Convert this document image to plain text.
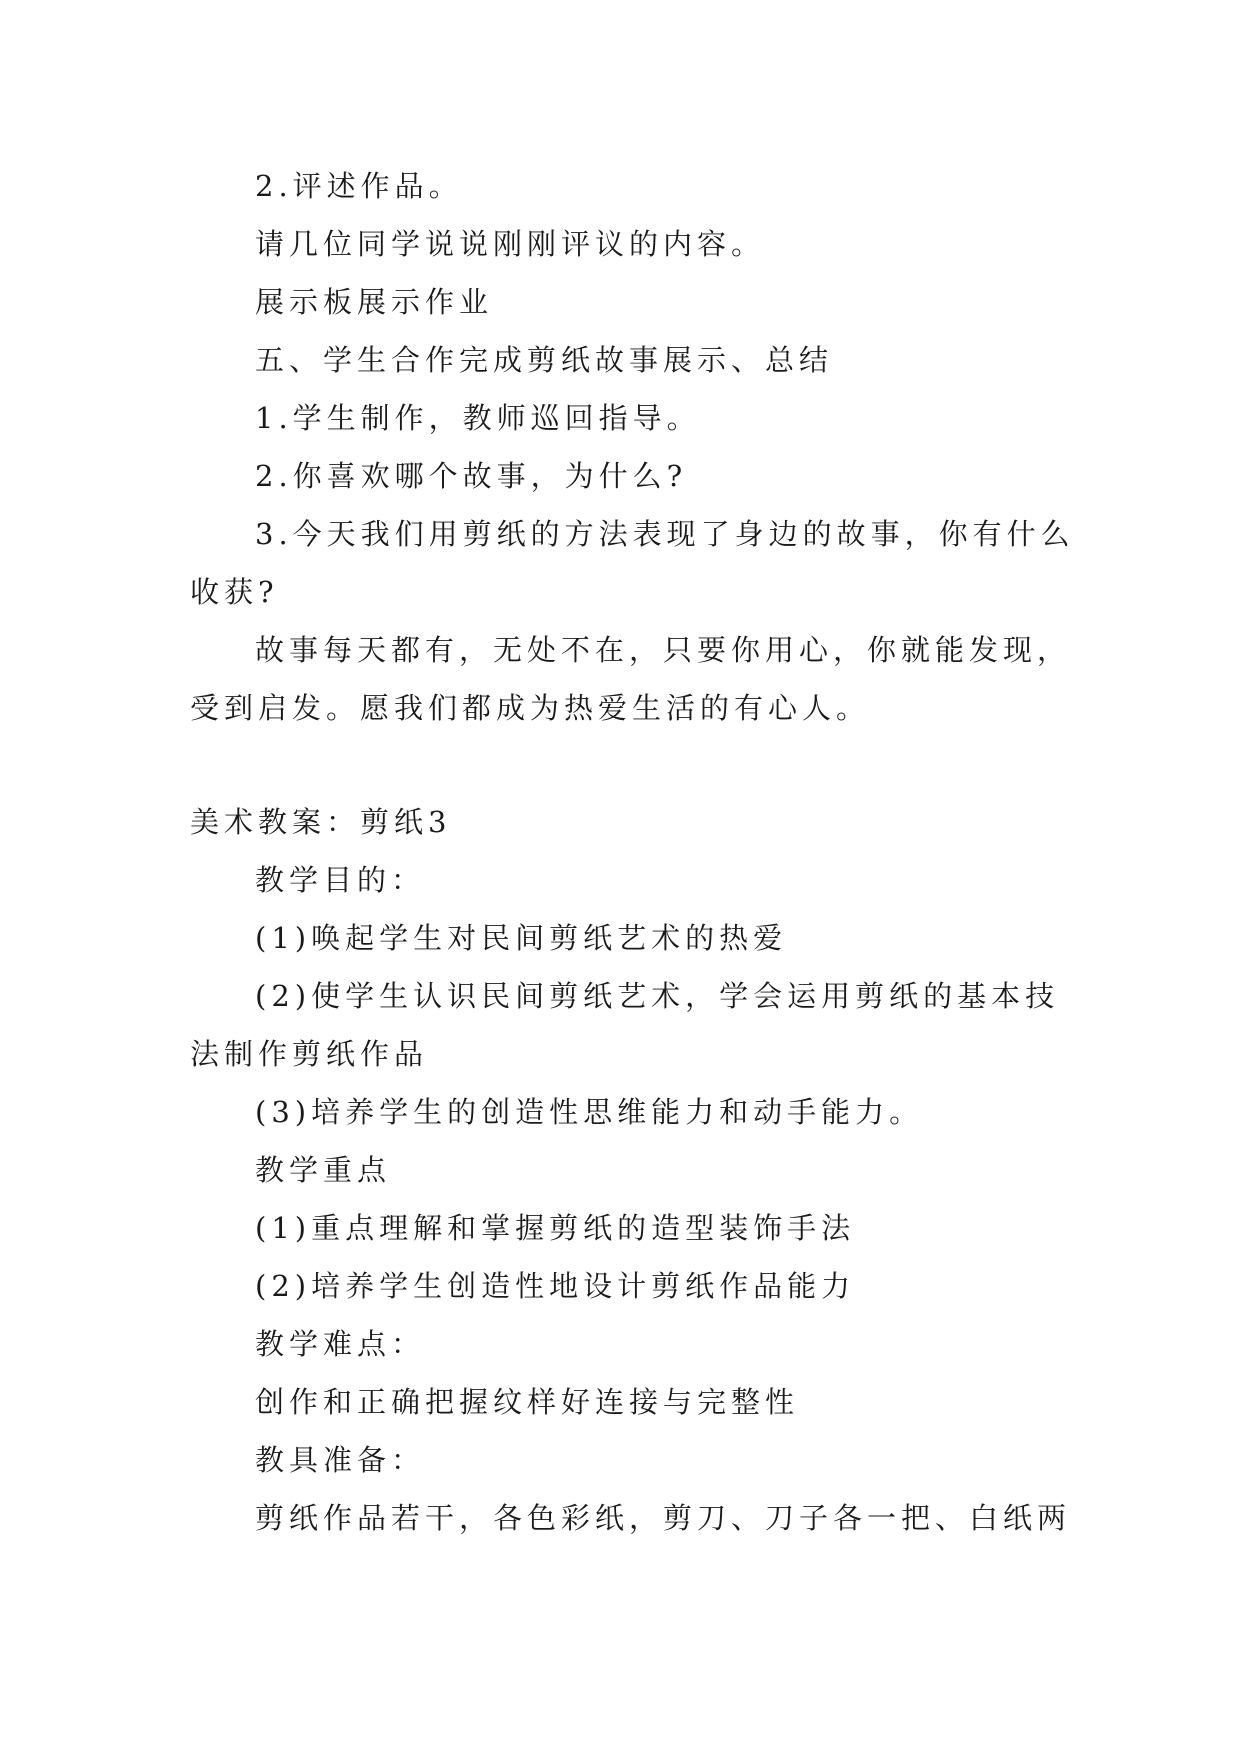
2.评述作品。
请几位同学说说刚刚评议的内容。
展示板展示作业
五、学生合作完成剪纸故事展示、总结
1.学生制作，教师巡回指导。
2.你喜欢哪个故事，为什么?
3.今天我们用剪纸的方法表现了身边的故事，你有什么
收获?
故事每天都有，无处不在，只要你用心，你就能发现，
受到启发。愿我们都成为热爱生活的有心人。
美术教案：剪纸3
教学目的：
(1)唤起学生对民间剪纸艺术的热爱
(2)使学生认识民间剪纸艺术，学会运用剪纸的基本技
法制作剪纸作品
(3)培养学生的创造性思维能力和动手能力。
教学重点
(1)重点理解和掌握剪纸的造型装饰手法
(2)培养学生创造性地设计剪纸作品能力
教学难点：
创作和正确把握纹样好连接与完整性
教具准备：
剪纸作品若干，各色彩纸，剪刀、刀子各一把、白纸两
